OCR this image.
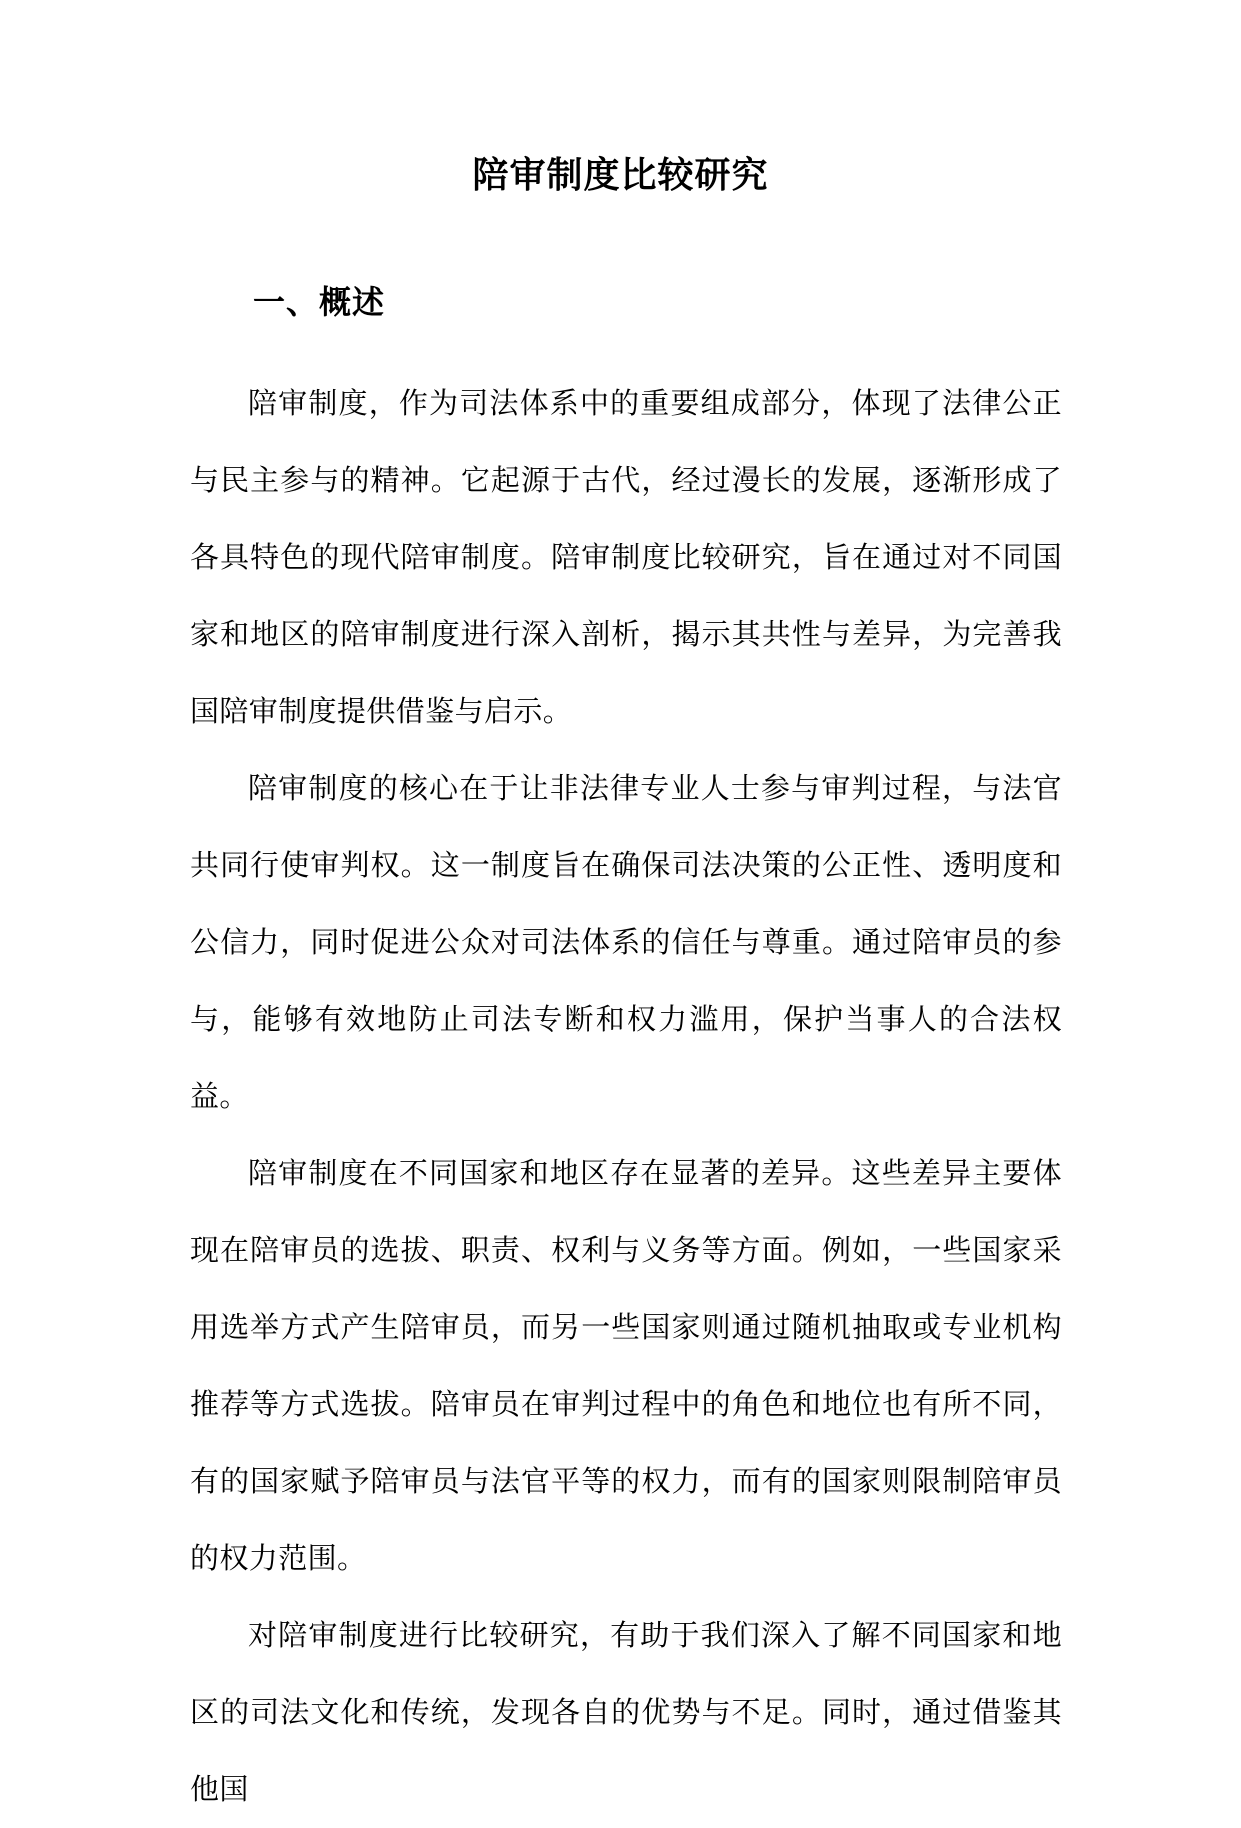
陪审制度比较研究
一、概述

陪审制度，作为司法体系中的重要组成部分，体现了法律公正与民主参与的精神。它起源于古代，经过漫长的发展，逐渐形成了各具特色的现代陪审制度。陪审制度比较研究，旨在通过对不同国家和地区的陪审制度进行深入剖析，揭示其共性与差异，为完善我国陪审制度提供借鉴与启示。

陪审制度的核心在于让非法律专业人士参与审判过程，与法官共同行使审判权。这一制度旨在确保司法决策的公正性、透明度和公信力，同时促进公众对司法体系的信任与尊重。通过陪审员的参与，能够有效地防止司法专断和权力滥用，保护当事人的合法权益。

陪审制度在不同国家和地区存在显著的差异。这些差异主要体现在陪审员的选拔、职责、权利与义务等方面。例如，一些国家采用选举方式产生陪审员，而另一些国家则通过随机抽取或专业机构推荐等方式选拔。陪审员在审判过程中的角色和地位也有所不同，有的国家赋予陪审员与法官平等的权力，而有的国家则限制陪审员的权力范围。

对陪审制度进行比较研究，有助于我们深入了解不同国家和地区的司法文化和传统，发现各自的优势与不足。同时，通过借鉴其他国
